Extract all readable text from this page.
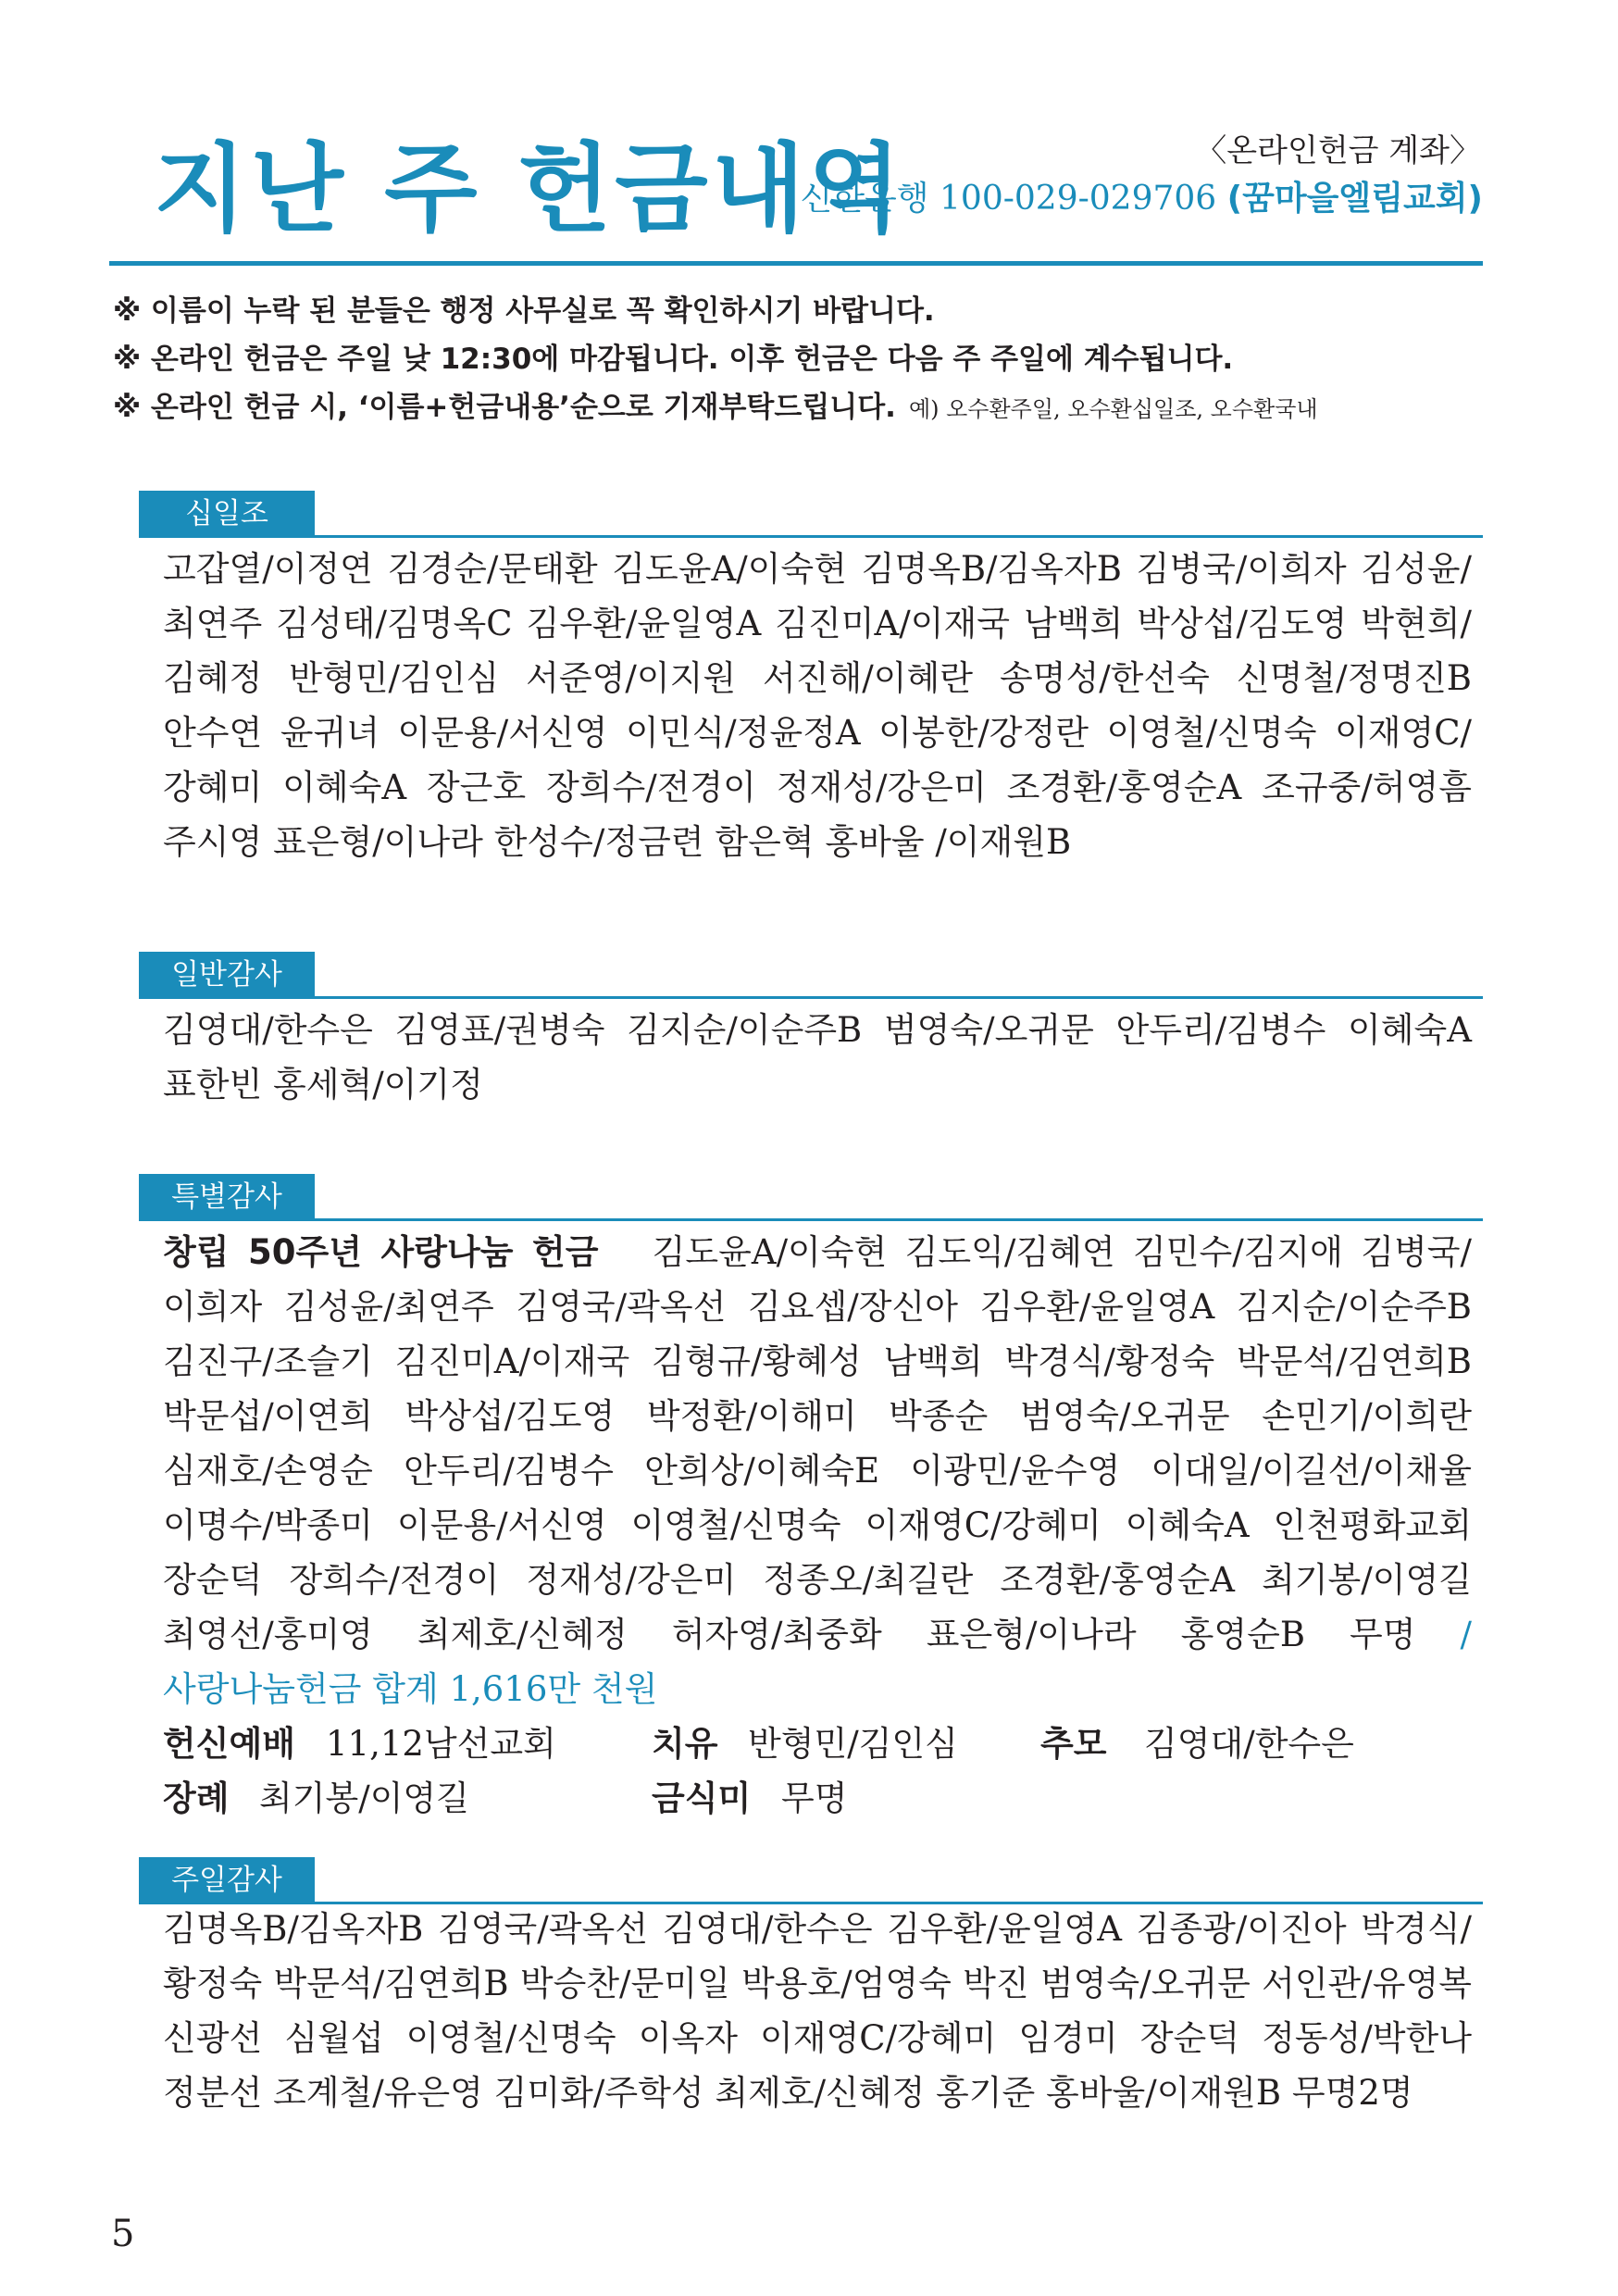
지난 주 헌금내역	〈온라인헌금 계좌〉
신한은행 100-029-029706 (꿈마을엘림교회)
※ 이름이 누락 된 분들은 행정 사무실로 꼭 확인하시기 바랍니다.
※ 온라인 헌금은 주일 낮 12:30에 마감됩니다. 이후 헌금은 다음 주 주일에 계수됩니다.
※ 온라인 헌금 시, ‘이름+헌금내용’순으로 기재부탁드립니다. 예) 오수환주일, 오수환십일조, 오수환국내
십일조
고갑열/이정연 김경순/문태환 김도윤A/이숙현 김명옥B/김옥자B 김병국/이희자 김성윤/최연주 김성태/김명옥C 김우환/윤일영A 김진미A/이재국 남백희 박상섭/김도영 박현희/김혜정 반형민/김인심 서준영/이지원 서진해/이혜란 송명성/한선숙 신명철/정명진B 안수연 윤귀녀 이문용/서신영 이민식/정윤정A 이봉한/강정란 이영철/신명숙 이재영C/강혜미 이혜숙A 장근호 장희수/전경이 정재성/강은미 조경환/홍영순A 조규중/허영흠 주시영 표은형/이나라 한성수/정금련 함은혁 홍바울 /이재원B
일반감사
김영대/한수은 김영표/권병숙 김지순/이순주B 범영숙/오귀문 안두리/김병수 이혜숙A 표한빈 홍세혁/이기정
특별감사
창립 50주년 사랑나눔 헌금 김도윤A/이숙현 김도익/김혜연 김민수/김지애 김병국/이희자 김성윤/최연주 김영국/곽옥선 김요셉/장신아 김우환/윤일영A 김지순/이순주B 김진구/조슬기 김진미A/이재국 김형규/황혜성 남백희 박경식/황정숙 박문석/김연희B 박문섭/이연희 박상섭/김도영 박정환/이해미 박종순 범영숙/오귀문 손민기/이희란 심재호/손영순 안두리/김병수 안희상/이혜숙E 이광민/윤수영 이대일/이길선/이채율 이명수/박종미 이문용/서신영 이영철/신명숙 이재영C/강혜미 이혜숙A 인천평화교회 장순덕 장희수/전경이 정재성/강은미 정종오/최길란 조경환/홍영순A 최기봉/이영길 최영선/홍미영 최제호/신혜정 허자영/최중화 표은형/이나라 홍영순B 무명 / 사랑나눔헌금 합계 1,616만 천원
헌신예배 11,12남선교회	치유 반형민/김인심 추모 김영대/한수은
장례 최기봉/이영길	금식미 무명
주일감사
김명옥B/김옥자B 김영국/곽옥선 김영대/한수은 김우환/윤일영A 김종광/이진아 박경식/황정숙 박문석/김연희B 박승찬/문미일 박용호/엄영숙 박진 범영숙/오귀문 서인관/유영복 신광선 심월섭 이영철/신명숙 이옥자 이재영C/강혜미 임경미 장순덕 정동성/박한나 정분선 조계철/유은영 김미화/주학성 최제호/신혜정 홍기준 홍바울/이재원B 무명2명
5
